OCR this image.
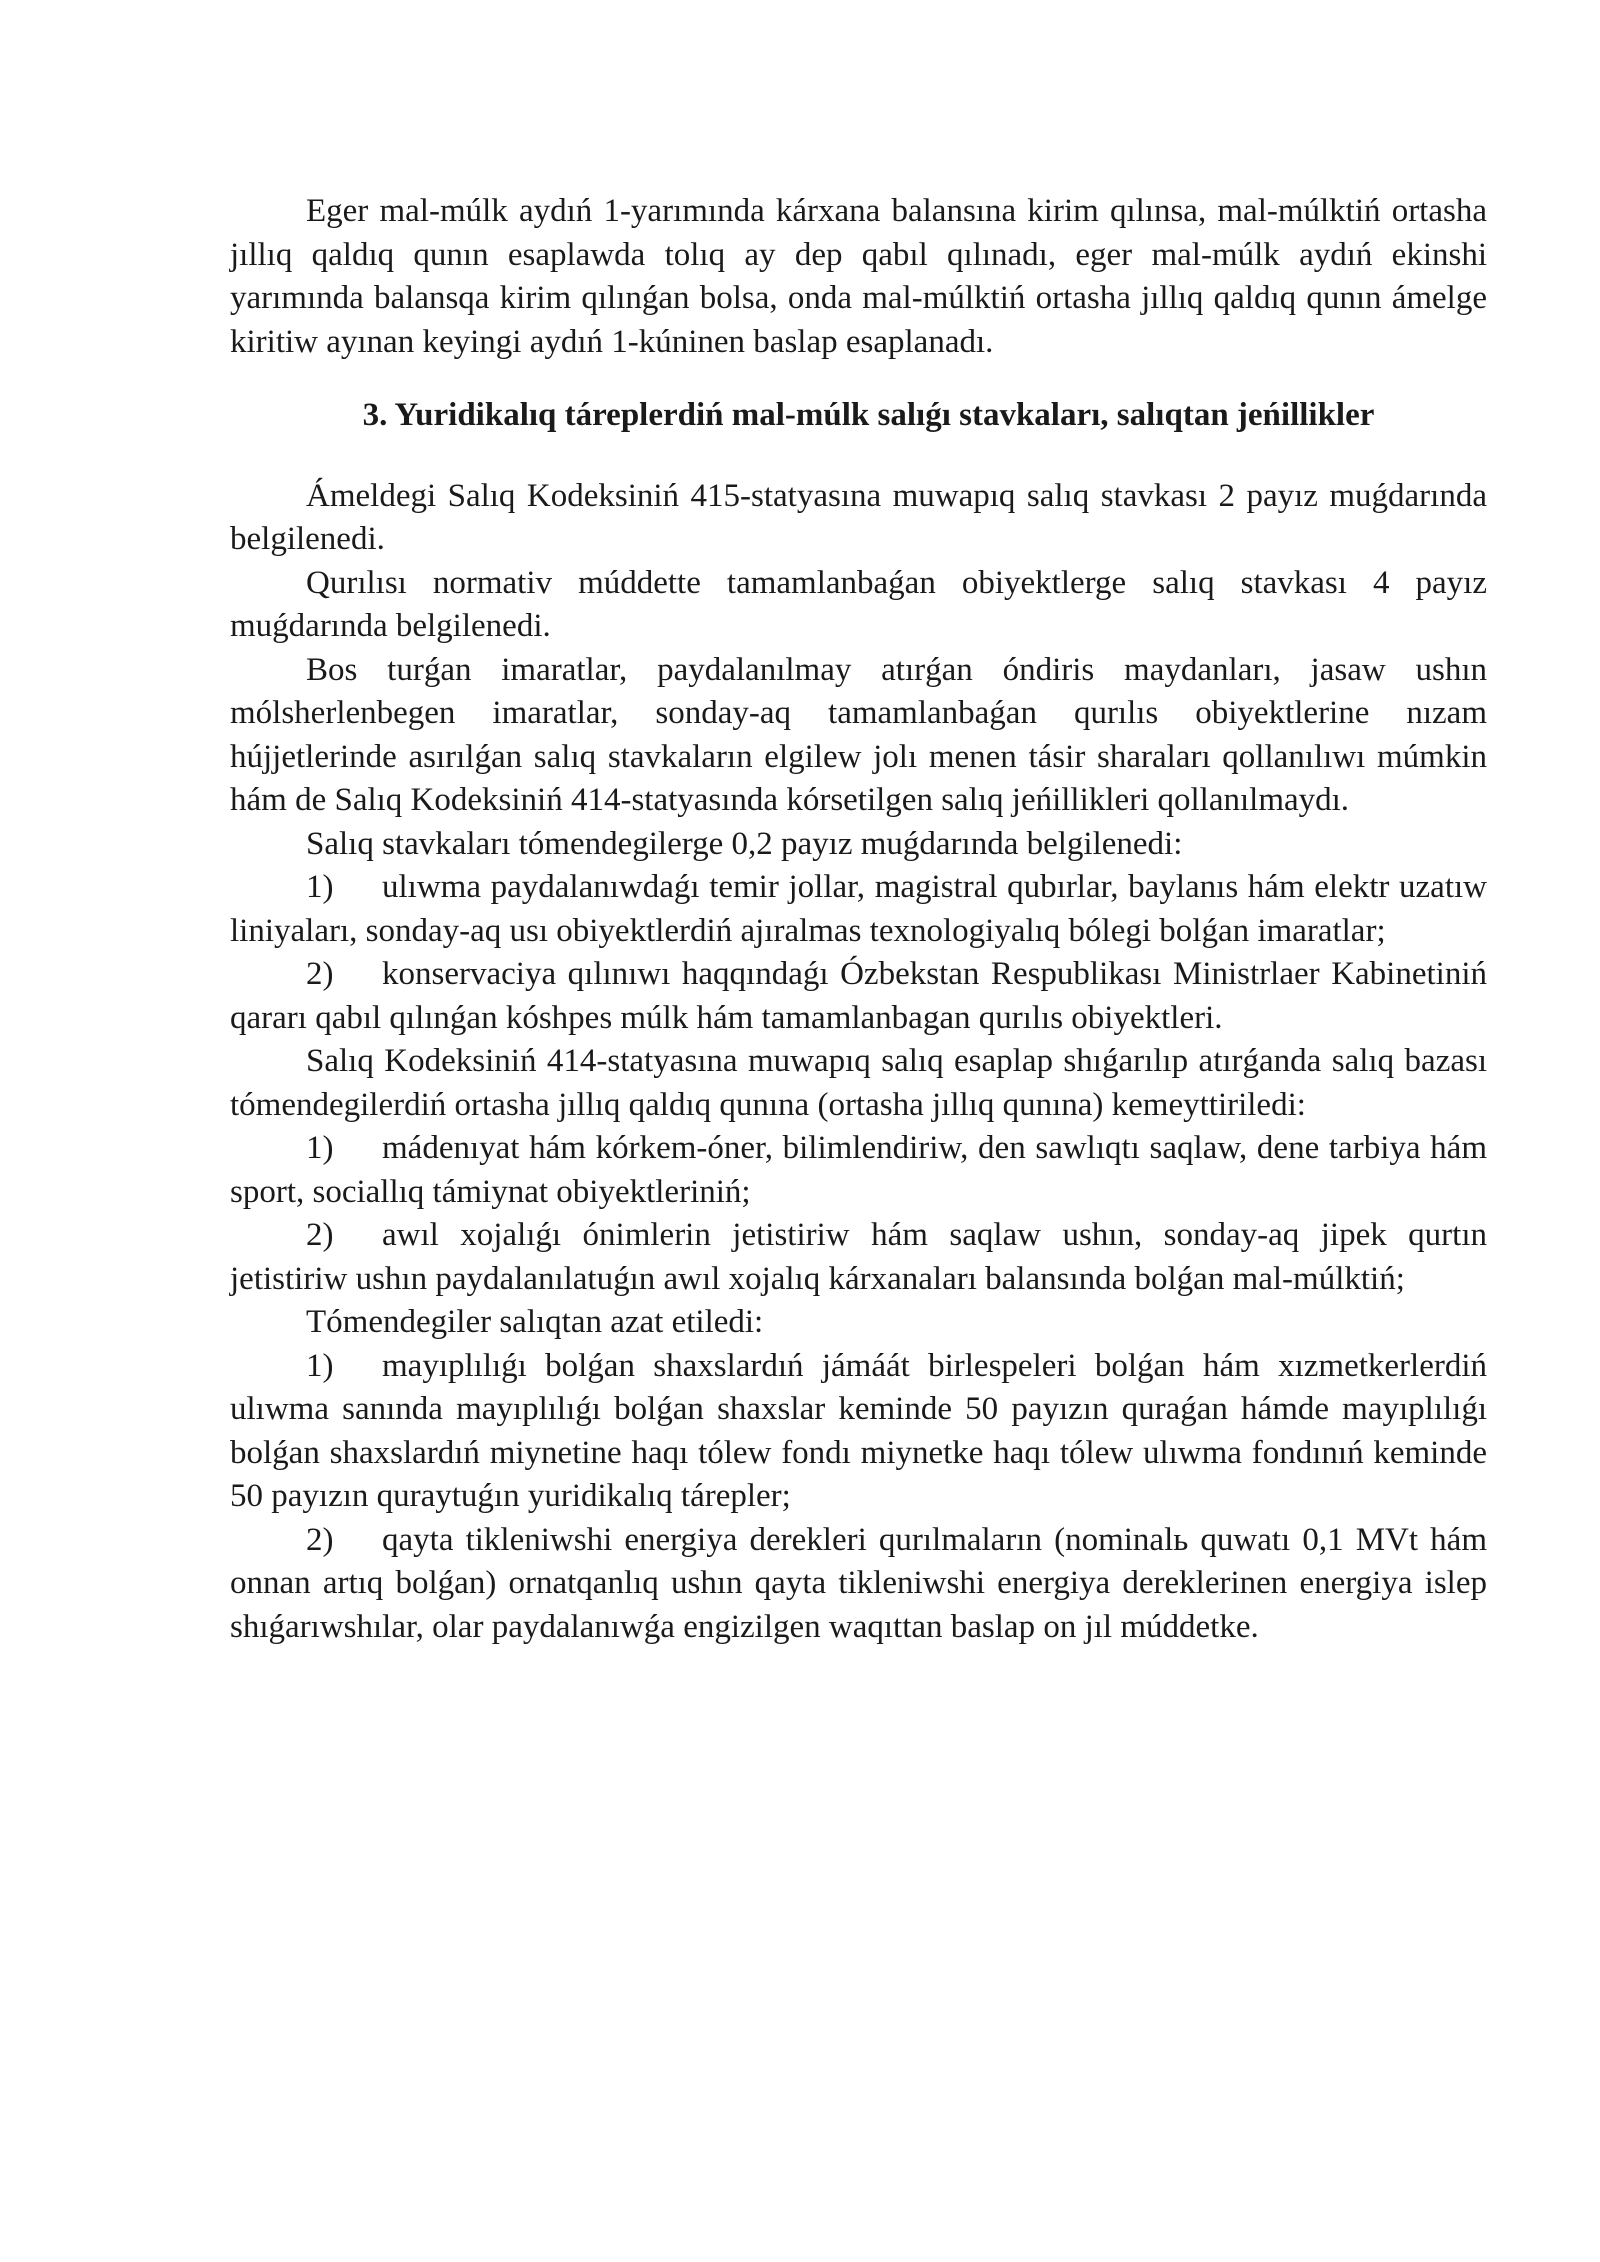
Eger mal-múlk aydıń 1-yarımında kárxana balansına kirim qılınsa, mal-múlktiń ortasha jıllıq qaldıq qunın esaplawda tolıq ay dep qabıl qılınadı, eger mal-múlk aydıń ekinshi yarımında balansqa kirim qılınǵan bolsa, onda mal-múlktiń ortasha jıllıq qaldıq qunın ámelge kiritiw ayınan keyingi aydıń 1-kúninen baslap esaplanadı.

3. Yuridikalıq táreplerdiń mal-múlk salıǵı stavkaları, salıqtan jeńillikler

Ámeldegi Salıq Kodeksiniń 415-statyasına muwapıq salıq stavkası 2 payız muǵdarında belgilenedi.

Qurılısı normativ múddette tamamlanbaǵan obiyektlerge salıq stavkası 4 payız muǵdarında belgilenedi.

Bos turǵan imaratlar, paydalanılmay atırǵan óndiris maydanları, jasaw ushın mólsherlenbegen imaratlar, sonday-aq tamamlanbaǵan qurılıs obiyektlerine nızam hújjetlerinde asırılǵan salıq stavkaların elgilew jolı menen tásir sharaları qollanılıwı múmkin hám de Salıq Kodeksiniń 414-statyasında kórsetilgen salıq jeńillikleri qollanılmaydı.

Salıq stavkaları tómendegilerge 0,2 payız muǵdarında belgilenedi:

1) ulıwma paydalanıwdaǵı temir jollar, magistral qubırlar, baylanıs hám elektr uzatıw liniyaları, sonday-aq usı obiyektlerdiń ajıralmas texnologiyalıq bólegi bolǵan imaratlar;

2) konservaciya qılınıwı haqqındaǵı Ózbekstan Respublikası Ministrlaer Kabinetiniń qararı qabıl qılınǵan kóshpes múlk hám tamamlanbagan qurılıs obiyektleri.

Salıq Kodeksiniń 414-statyasına muwapıq salıq esaplap shıǵarılıp atırǵanda salıq bazası tómendegilerdiń ortasha jıllıq qaldıq qunına (ortasha jıllıq qunına) kemeyttiriledi:

1) mádenıyat hám kórkem-óner, bilimlendiriw, den sawlıqtı saqlaw, dene tarbiya hám sport, sociallıq támiynat obiyektleriniń;

2) awıl xojalıǵı ónimlerin jetistiriw hám saqlaw ushın, sonday-aq jipek qurtın jetistiriw ushın paydalanılatuǵın awıl xojalıq kárxanaları balansında bolǵan mal-múlktiń;

Tómendegiler salıqtan azat etiledi:

1) mayıplılıǵı bolǵan shaxslardıń jámáát birlespeleri bolǵan hám xızmetkerlerdiń ulıwma sanında mayıplılıǵı bolǵan shaxslar keminde 50 payızın quraǵan hámde mayıplılıǵı bolǵan shaxslardıń miynetine haqı tólew fondı miynetke haqı tólew ulıwma fondınıń keminde 50 payızın quraytuǵın yuridikalıq tárepler;

2) qayta tikleniwshi energiya derekleri qurılmaların (nominalь quwatı 0,1 MVt hám onnan artıq bolǵan) ornatqanlıq ushın qayta tikleniwshi energiya dereklerinen energiya islep shıǵarıwshılar, olar paydalanıwǵa engizilgen waqıttan baslap on jıl múddetke.
